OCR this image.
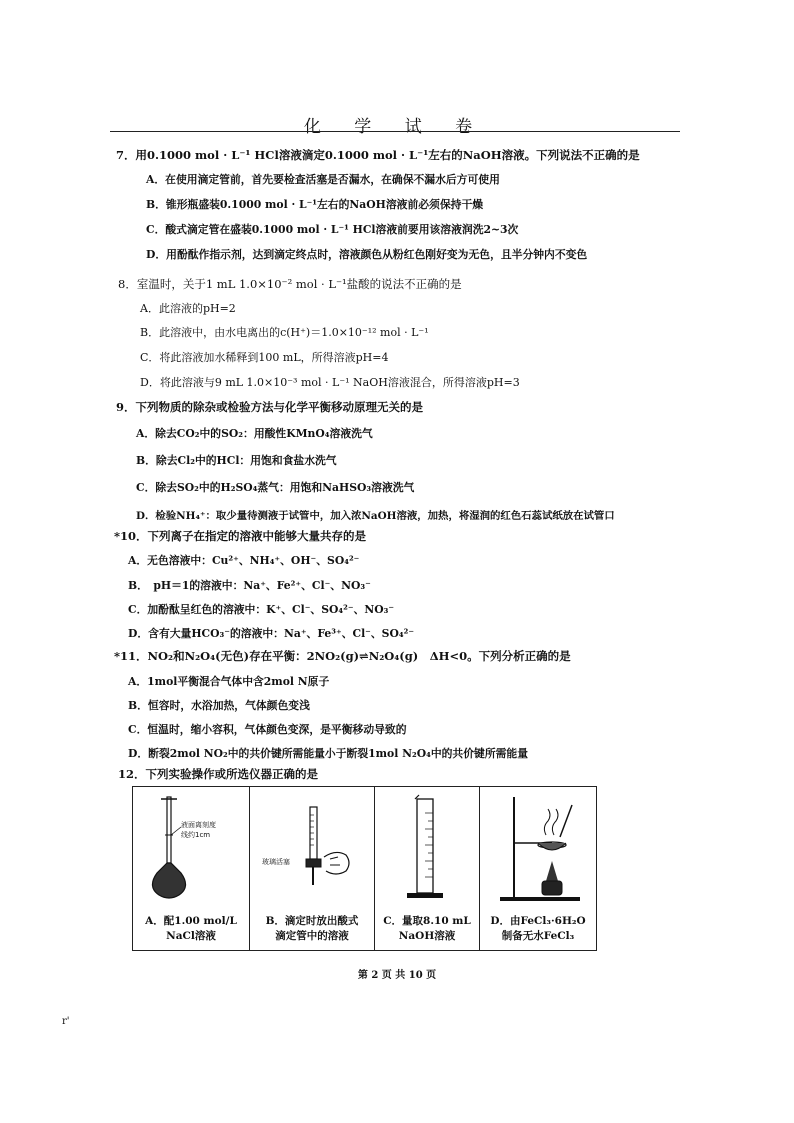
化 学 试 卷
7．用0.1000 mol · L⁻¹ HCl溶液滴定0.1000 mol · L⁻¹左右的NaOH溶液。下列说法不正确的是
A．在使用滴定管前，首先要检查活塞是否漏水，在确保不漏水后方可使用
B．锥形瓶盛装0.1000 mol · L⁻¹左右的NaOH溶液前必须保持干燥
C．酸式滴定管在盛装0.1000 mol · L⁻¹ HCl溶液前要用该溶液润洗2~3次
D．用酚酞作指示剂，达到滴定终点时，溶液颜色从粉红色刚好变为无色，且半分钟内不变色
8．室温时，关于1 mL 1.0×10⁻² mol · L⁻¹盐酸的说法不正确的是
A．此溶液的pH=2
B．此溶液中，由水电离出的c(H⁺)＝1.0×10⁻¹² mol · L⁻¹
C．将此溶液加水稀释到100 mL，所得溶液pH=4
D．将此溶液与9 mL 1.0×10⁻³ mol · L⁻¹ NaOH溶液混合，所得溶液pH=3
9．下列物质的除杂或检验方法与化学平衡移动原理无关的是
A．除去CO₂中的SO₂：用酸性KMnO₄溶液洗气
B．除去Cl₂中的HCl：用饱和食盐水洗气
C．除去SO₂中的H₂SO₄蒸气：用饱和NaHSO₃溶液洗气
D．检验NH₄⁺：取少量待测液于试管中，加入浓NaOH溶液，加热，将湿润的红色石蕊试纸放在试管口
*10．下列离子在指定的溶液中能够大量共存的是
A．无色溶液中：Cu²⁺、NH₄⁺、OH⁻、SO₄²⁻
B．　pH＝1的溶液中：Na⁺、Fe²⁺、Cl⁻、NO₃⁻
C．加酚酞呈红色的溶液中：K⁺、Cl⁻、SO₄²⁻、NO₃⁻
D．含有大量HCO₃⁻的溶液中：Na⁺、Fe³⁺、Cl⁻、SO₄²⁻
*11．NO₂和N₂O₄(无色)存在平衡：2NO₂(g)⇌N₂O₄(g)　ΔH<0。下列分析正确的是
A．1mol平衡混合气体中含2mol N原子
B．恒容时，水浴加热，气体颜色变浅
C．恒温时，缩小容积，气体颜色变深，是平衡移动导致的
D．断裂2mol NO₂中的共价键所需能量小于断裂1mol N₂O₄中的共价键所需能量
12．下列实验操作或所选仪器正确的是
液面离刻度
线约1cm
A．配1.00 mol/L
NaCl溶液

玻璃活塞
B．滴定时放出酸式
滴定管中的溶液

C．量取8.10 mL
NaOH溶液

D．由FeCl₃·6H₂O
制备无水FeCl₃
第 2 页 共 10 页
r'
